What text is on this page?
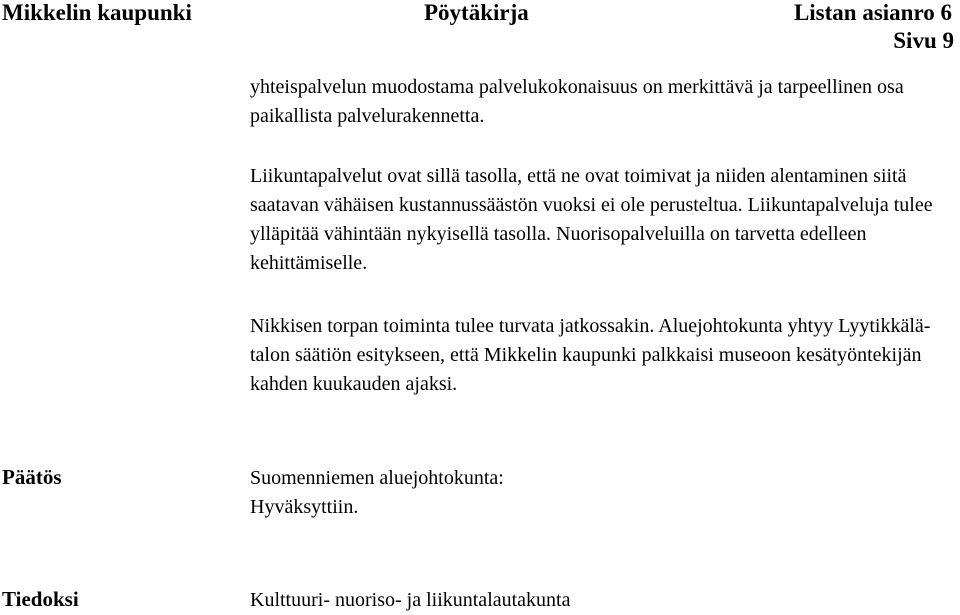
Mikkelin kaupunki	Pöytäkirja	Listan asianro 6
Sivu 9

yhteispalvelun muodostama palvelukokonaisuus on merkittävä ja tarpeellinen osa paikallista palvelurakennetta.

Liikuntapalvelut ovat sillä tasolla, että ne ovat toimivat ja niiden alentaminen siitä saatavan vähäisen kustannussäästön vuoksi ei ole perusteltua. Liikuntapalveluja tulee ylläpitää vähintään nykyisellä tasolla. Nuorisopalveluilla on tarvetta edelleen kehittämiselle.

Nikkisen torpan toiminta tulee turvata jatkossakin. Aluejohtokunta yhtyy Lyytikkälä-talon säätiön esitykseen, että Mikkelin kaupunki palkkaisi museoon kesätyöntekijän kahden kuukauden ajaksi.

Päätös	Suomenniemen aluejohtokunta:
Hyväksyttiin.
Tiedoksi	Kulttuuri- nuoriso- ja liikuntalautakunta
